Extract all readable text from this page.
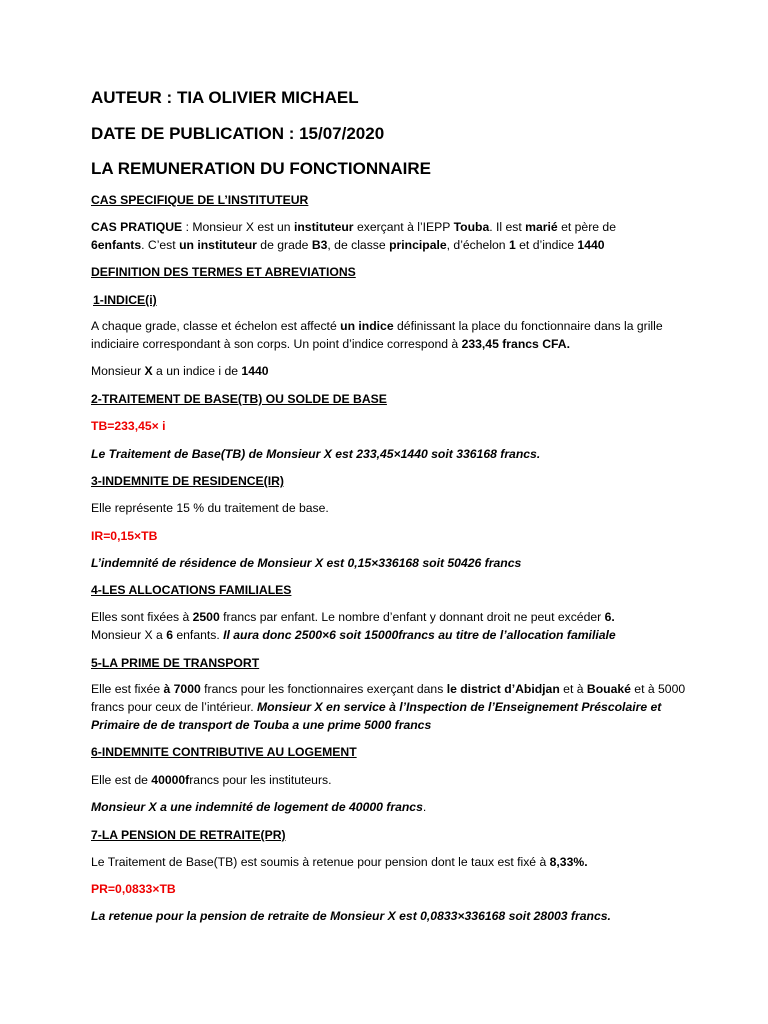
AUTEUR : TIA OLIVIER MICHAEL

DATE DE PUBLICATION : 15/07/2020

LA REMUNERATION DU FONCTIONNAIRE

CAS SPECIFIQUE DE L’INSTITUTEUR

CAS PRATIQUE : Monsieur X est un instituteur exerçant à l’IEPP Touba. Il est marié et père de
6enfants. C’est un instituteur de grade B3, de classe principale, d’échelon 1 et d’indice 1440

DEFINITION DES TERMES ET ABREVIATIONS

1-INDICE(i)

A chaque grade, classe et échelon est affecté un indice définissant la place du fonctionnaire dans la grille indiciaire correspondant à son corps. Un point d’indice correspond à 233,45 francs CFA.

Monsieur X a un indice i de 1440

2-TRAITEMENT DE BASE(TB) OU SOLDE DE BASE

TB=233,45× i

Le Traitement de Base(TB) de Monsieur X est 233,45×1440 soit 336168 francs.

3-INDEMNITE DE RESIDENCE(IR)

Elle représente 15 % du traitement de base.

IR=0,15×TB

L’indemnité de résidence de Monsieur X est 0,15×336168 soit 50426 francs

4-LES ALLOCATIONS FAMILIALES

Elles sont fixées à 2500 francs par enfant. Le nombre d’enfant y donnant droit ne peut excéder 6.
Monsieur X a 6 enfants. Il aura donc 2500×6 soit 15000francs au titre de l’allocation familiale

5-LA PRIME DE TRANSPORT

Elle est fixée à 7000 francs pour les fonctionnaires exerçant dans le district d’Abidjan et à Bouaké et à 5000 francs pour ceux de l’intérieur. Monsieur X en service à l’Inspection de l’Enseignement Préscolaire et Primaire de de transport de Touba a une prime 5000 francs

6-INDEMNITE CONTRIBUTIVE AU LOGEMENT

Elle est de 40000francs pour les instituteurs.

Monsieur X a une indemnité de logement de 40000 francs.

7-LA PENSION DE RETRAITE(PR)

Le Traitement de Base(TB) est soumis à retenue pour pension dont le taux est fixé à 8,33%.

PR=0,0833×TB

La retenue pour la pension de retraite de Monsieur X est 0,0833×336168 soit 28003 francs.
